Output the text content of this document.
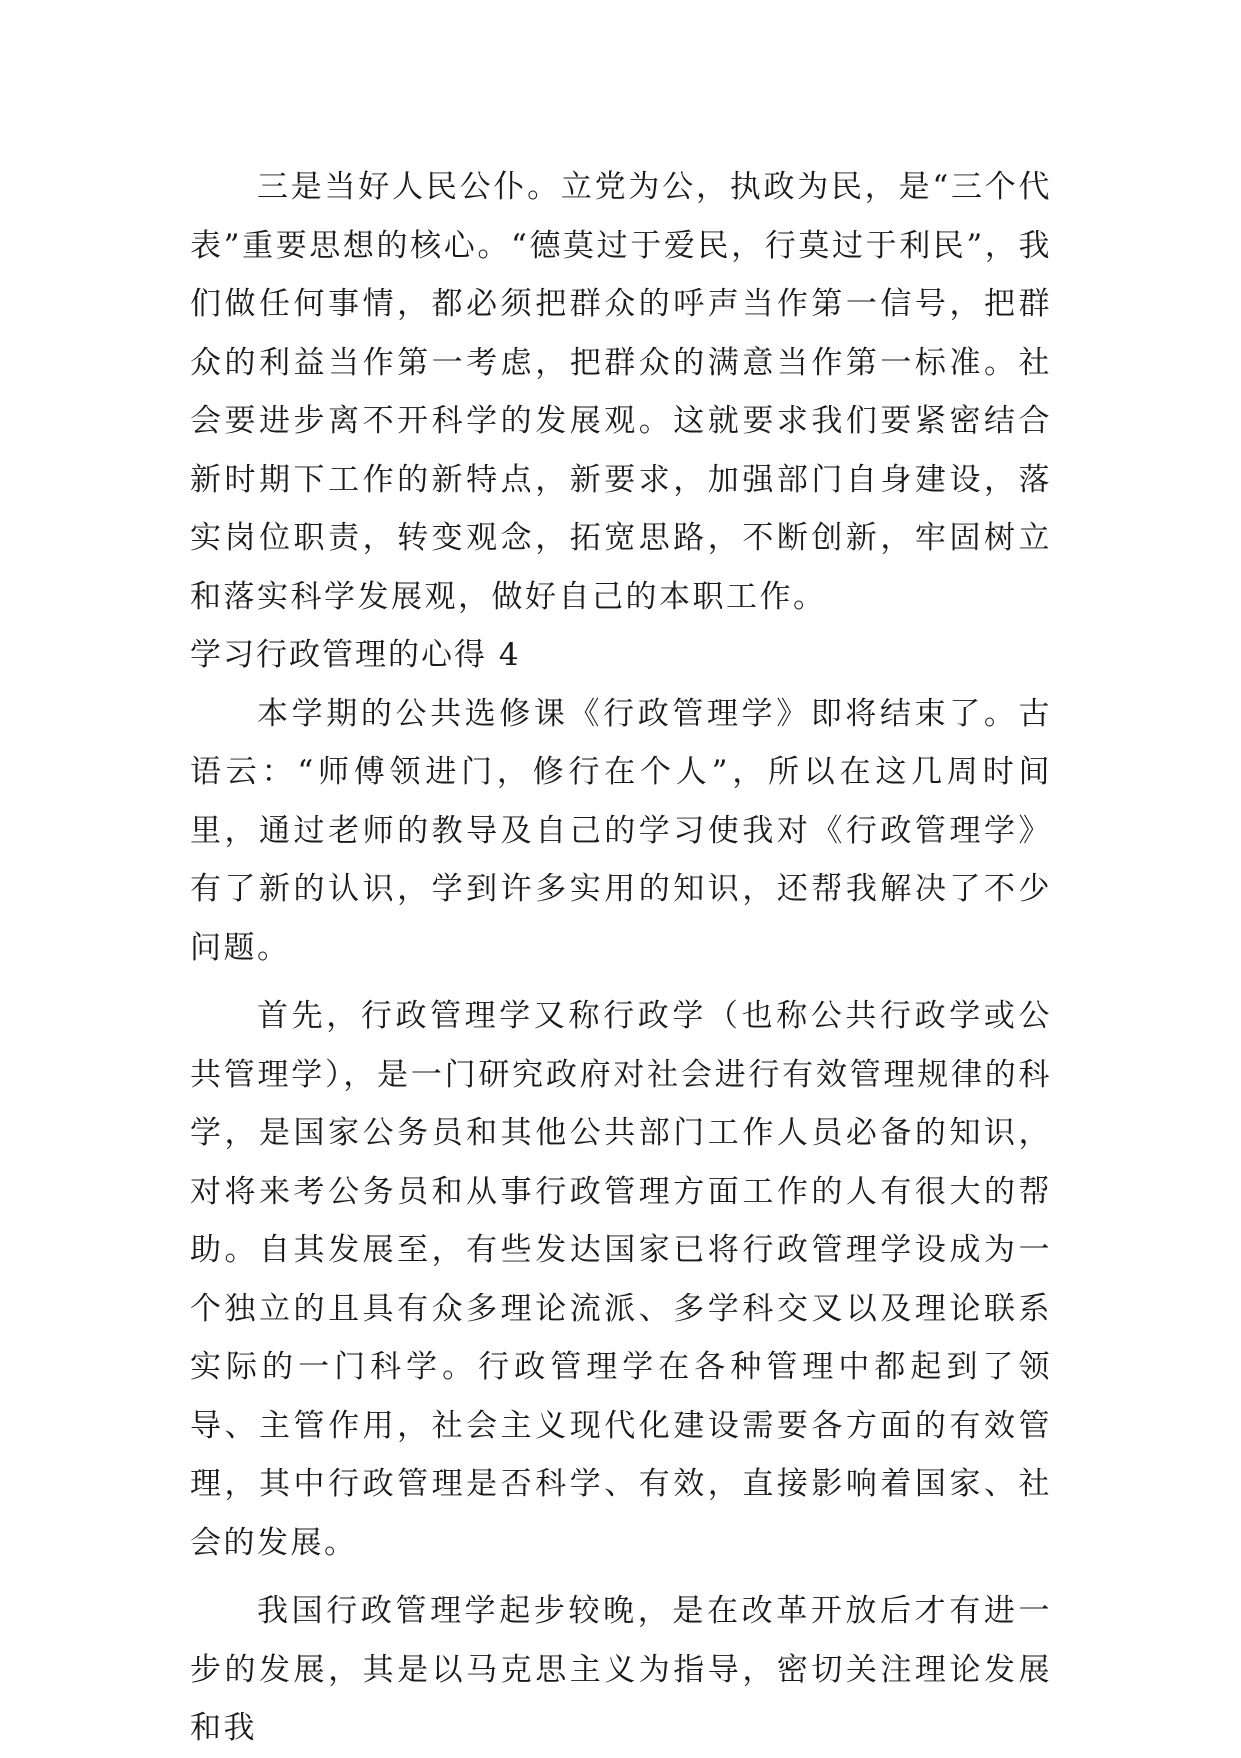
三是当好人民公仆。立党为公，执政为民，是“三个代表”重要思想的核心。“德莫过于爱民，行莫过于利民”，我们做任何事情，都必须把群众的呼声当作第一信号，把群众的利益当作第一考虑，把群众的满意当作第一标准。社会要进步离不开科学的发展观。这就要求我们要紧密结合新时期下工作的新特点，新要求，加强部门自身建设，落实岗位职责，转变观念，拓宽思路，不断创新，牢固树立和落实科学发展观，做好自己的本职工作。

学习行政管理的心得 4

本学期的公共选修课《行政管理学》即将结束了。古语云：“师傅领进门，修行在个人”，所以在这几周时间里，通过老师的教导及自己的学习使我对《行政管理学》有了新的认识，学到许多实用的知识，还帮我解决了不少问题。

首先，行政管理学又称行政学（也称公共行政学或公共管理学），是一门研究政府对社会进行有效管理规律的科学，是国家公务员和其他公共部门工作人员必备的知识，对将来考公务员和从事行政管理方面工作的人有很大的帮助。自其发展至，有些发达国家已将行政管理学设成为一个独立的且具有众多理论流派、多学科交叉以及理论联系实际的一门科学。行政管理学在各种管理中都起到了领导、主管作用，社会主义现代化建设需要各方面的有效管理，其中行政管理是否科学、有效，直接影响着国家、社会的发展。

我国行政管理学起步较晚，是在改革开放后才有进一步的发展，其是以马克思主义为指导，密切关注理论发展和我
